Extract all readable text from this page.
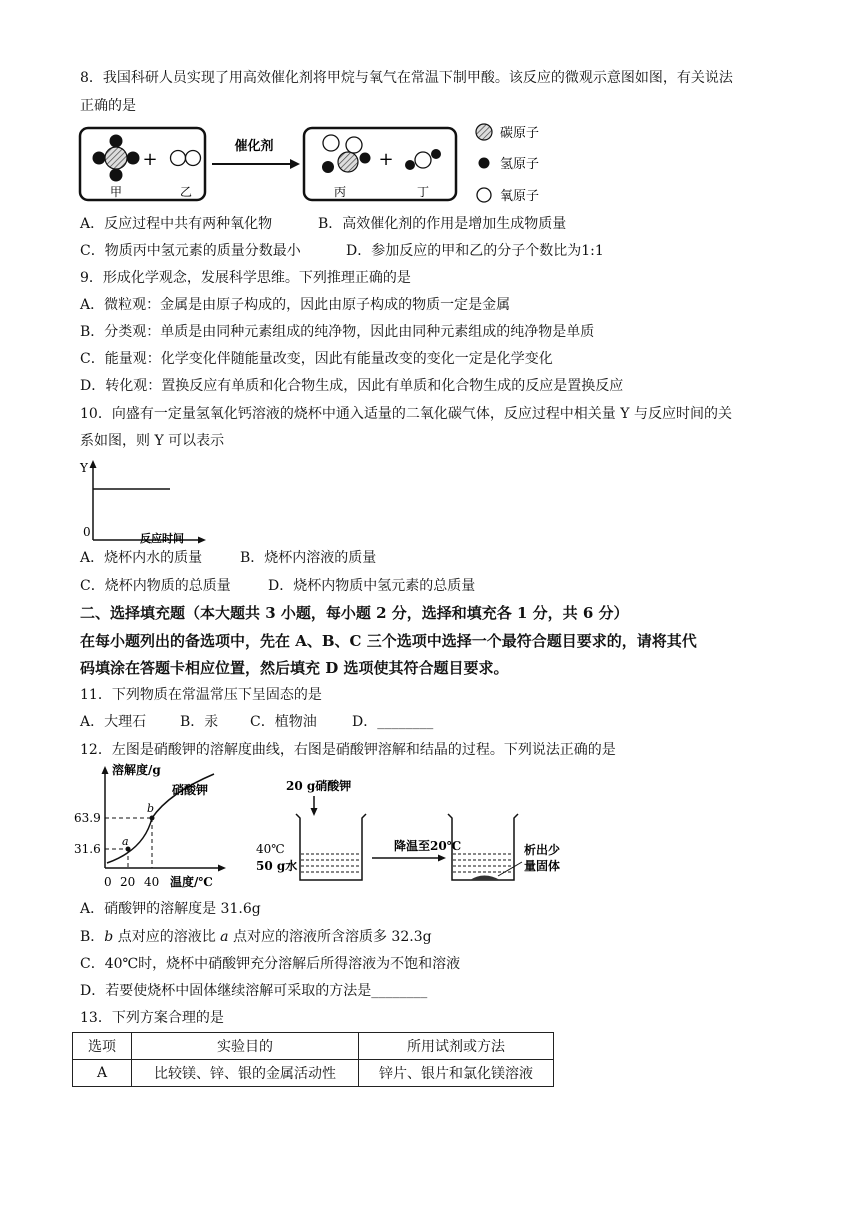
8．我国科研人员实现了用高效催化剂将甲烷与氧气在常温下制甲酸。该反应的微观示意图如图，有关说法
正确的是
+
甲	乙
催化剂
+
丙	丁
碳原子
氢原子
氧原子
A．反应过程中共有两种氧化物	B．高效催化剂的作用是增加生成物质量
C．物质丙中氢元素的质量分数最小	D．参加反应的甲和乙的分子个数比为1:1
9．形成化学观念，发展科学思维。下列推理正确的是
A．微粒观：金属是由原子构成的，因此由原子构成的物质一定是金属
B．分类观：单质是由同种元素组成的纯净物，因此由同种元素组成的纯净物是单质
C．能量观：化学变化伴随能量改变，因此有能量改变的变化一定是化学变化
D．转化观：置换反应有单质和化合物生成，因此有单质和化合物生成的反应是置换反应
10．向盛有一定量氢氧化钙溶液的烧杯中通入适量的二氧化碳气体，反应过程中相关量 Y 与反应时间的关
系如图，则 Y 可以表示
Y
0	反应时间
A．烧杯内水的质量	B．烧杯内溶液的质量
C．烧杯内物质的总质量	D．烧杯内物质中氢元素的总质量
二、选择填充题（本大题共 3 小题，每小题 2 分，选择和填充各 1 分，共 6 分）
在每小题列出的备选项中，先在 A、B、C 三个选项中选择一个最符合题目要求的，请将其代
码填涂在答题卡相应位置，然后填充 D 选项使其符合题目要求。
11．下列物质在常温常压下呈固态的是
A．大理石 B．汞 C．植物油	D．________
12．左图是硝酸钾的溶解度曲线，右图是硝酸钾溶解和结晶的过程。下列说法正确的是
溶解度/g
a
b
硝酸钾
63.9
31.6
0 20 40 温度/℃
20 g硝酸钾
40℃
50 g水
降温至20℃	析出少
量固体
A．硝酸钾的溶解度是 31.6g
B．b 点对应的溶液比 a 点对应的溶液所含溶质多 32.3g
C．40℃时，烧杯中硝酸钾充分溶解后所得溶液为不饱和溶液
D．若要使烧杯中固体继续溶解可采取的方法是________
13．下列方案合理的是
选项	实验目的	所用试剂或方法
A	比较镁、锌、银的金属活动性	锌片、银片和氯化镁溶液
